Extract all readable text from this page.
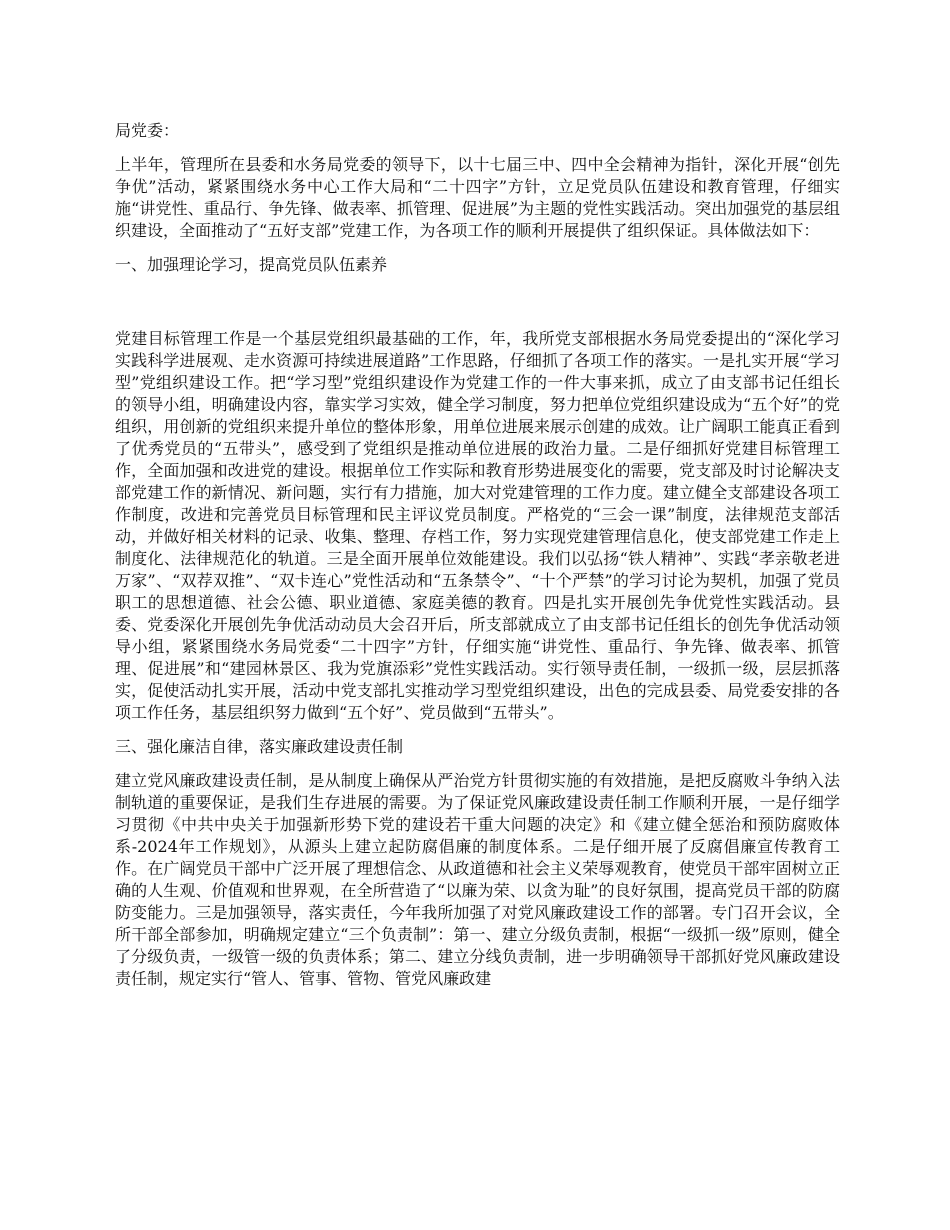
局党委：

上半年，管理所在县委和水务局党委的领导下，以十七届三中、四中全会精神为指针，深化开展“创先争优”活动，紧紧围绕水务中心工作大局和“二十四字”方针，立足党员队伍建设和教育管理，仔细实施“讲党性、重品行、争先锋、做表率、抓管理、促进展”为主题的党性实践活动。突出加强党的基层组织建设，全面推动了“五好支部”党建工作，为各项工作的顺利开展提供了组织保证。具体做法如下：

一、加强理论学习，提高党员队伍素养

党建目标管理工作是一个基层党组织最基础的工作，年，我所党支部根据水务局党委提出的“深化学习实践科学进展观、走水资源可持续进展道路”工作思路，仔细抓了各项工作的落实。一是扎实开展“学习型”党组织建设工作。把“学习型”党组织建设作为党建工作的一件大事来抓，成立了由支部书记任组长的领导小组，明确建设内容，靠实学习实效，健全学习制度，努力把单位党组织建设成为“五个好”的党组织，用创新的党组织来提升单位的整体形象，用单位进展来展示创建的成效。让广阔职工能真正看到了优秀党员的“五带头”，感受到了党组织是推动单位进展的政治力量。二是仔细抓好党建目标管理工作，全面加强和改进党的建设。根据单位工作实际和教育形势进展变化的需要，党支部及时讨论解决支部党建工作的新情况、新问题，实行有力措施，加大对党建管理的工作力度。建立健全支部建设各项工作制度，改进和完善党员目标管理和民主评议党员制度。严格党的“三会一课”制度，法律规范支部活动，并做好相关材料的记录、收集、整理、存档工作，努力实现党建管理信息化，使支部党建工作走上制度化、法律规范化的轨道。三是全面开展单位效能建设。我们以弘扬“铁人精神”、实践“孝亲敬老进万家”、“双荐双推”、“双卡连心”党性活动和“五条禁令”、“十个严禁”的学习讨论为契机，加强了党员职工的思想道德、社会公德、职业道德、家庭美德的教育。四是扎实开展创先争优党性实践活动。县委、党委深化开展创先争优活动动员大会召开后，所支部就成立了由支部书记任组长的创先争优活动领导小组，紧紧围绕水务局党委“二十四字”方针，仔细实施“讲党性、重品行、争先锋、做表率、抓管理、促进展”和“建园林景区、我为党旗添彩”党性实践活动。实行领导责任制，一级抓一级，层层抓落实，促使活动扎实开展，活动中党支部扎实推动学习型党组织建设，出色的完成县委、局党委安排的各项工作任务，基层组织努力做到“五个好”、党员做到“五带头”。

三、强化廉洁自律，落实廉政建设责任制

建立党风廉政建设责任制，是从制度上确保从严治党方针贯彻实施的有效措施，是把反腐败斗争纳入法制轨道的重要保证，是我们生存进展的需要。为了保证党风廉政建设责任制工作顺利开展，一是仔细学习贯彻《中共中央关于加强新形势下党的建设若干重大问题的决定》和《建立健全惩治和预防腐败体系-2024年工作规划》，从源头上建立起防腐倡廉的制度体系。二是仔细开展了反腐倡廉宣传教育工作。在广阔党员干部中广泛开展了理想信念、从政道德和社会主义荣辱观教育，使党员干部牢固树立正确的人生观、价值观和世界观，在全所营造了“以廉为荣、以贪为耻”的良好氛围，提高党员干部的防腐防变能力。三是加强领导，落实责任，今年我所加强了对党风廉政建设工作的部署。专门召开会议，全所干部全部参加，明确规定建立“三个负责制”：第一、建立分级负责制，根据“一级抓一级”原则，健全了分级负责，一级管一级的负责体系；第二、建立分线负责制，进一步明确领导干部抓好党风廉政建设责任制，规定实行“管人、管事、管物、管党风廉政建
